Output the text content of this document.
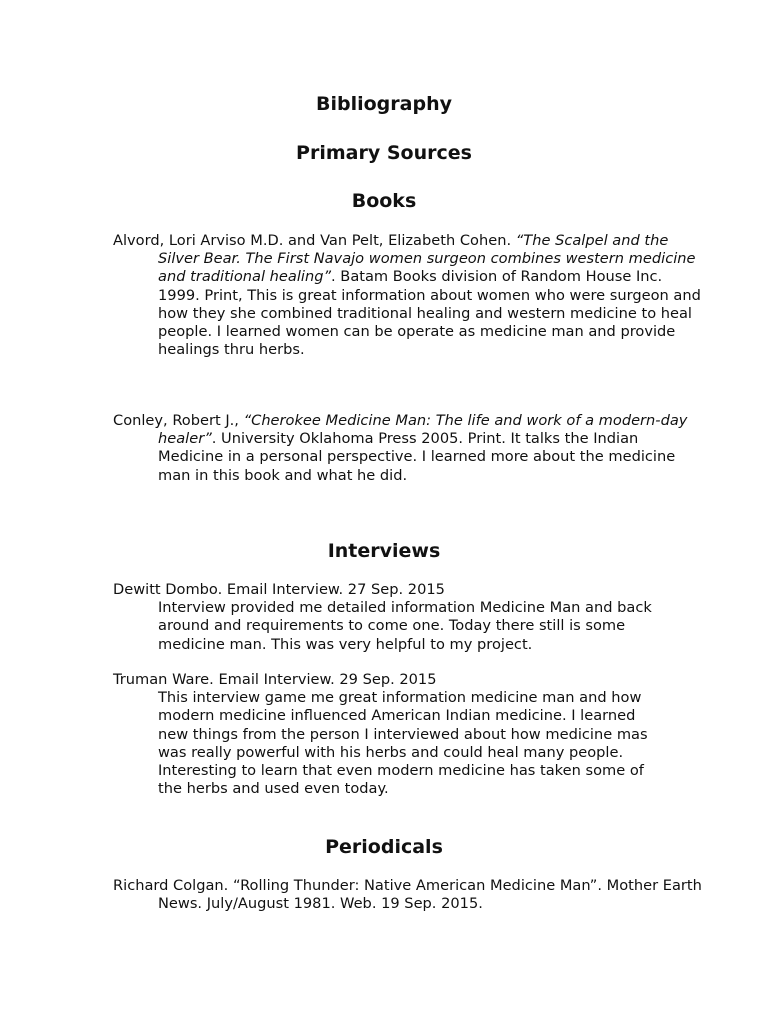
Bibliography
Primary Sources
Books

Alvord, Lori Arviso M.D. and Van Pelt, Elizabeth Cohen. “The Scalpel and the Silver Bear. The First Navajo women surgeon combines western medicine and traditional healing”. Batam Books division of Random House Inc. 1999. Print, This is great information about women who were surgeon and how they she combined traditional healing and western medicine to heal people. I learned women can be operate as medicine man and provide healings thru herbs.

Conley, Robert J., “Cherokee Medicine Man: The life and work of a modern-day healer”. University Oklahoma Press 2005. Print. It talks the Indian Medicine in a personal perspective. I learned more about the medicine man in this book and what he did.

Interviews
Dewitt Dombo. Email Interview. 27 Sep. 2015
Interview provided me detailed information Medicine Man and back around and requirements to come one. Today there still is some medicine man. This was very helpful to my project.
Truman Ware. Email Interview. 29 Sep. 2015
This interview game me great information medicine man and how modern medicine influenced American Indian medicine. I learned new things from the person I interviewed about how medicine mas was really powerful with his herbs and could heal many people. Interesting to learn that even modern medicine has taken some of the herbs and used even today.
Periodicals

Richard Colgan. “Rolling Thunder: Native American Medicine Man”. Mother Earth News. July/August 1981. Web. 19 Sep. 2015.
